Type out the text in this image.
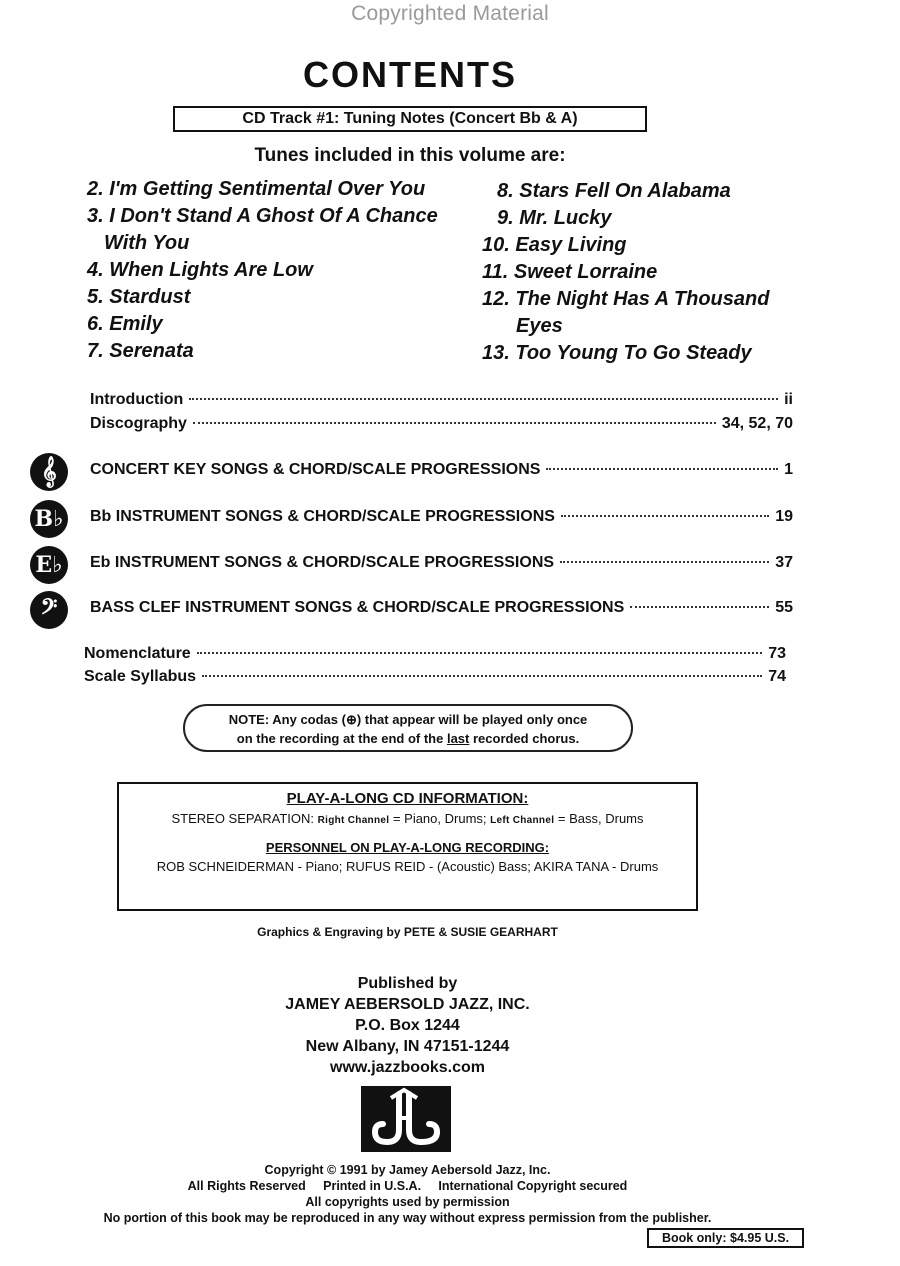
Copyrighted Material
CONTENTS
CD Track #1: Tuning Notes (Concert Bb & A)
Tunes included in this volume are:
2. I'm Getting Sentimental Over You
3. I Don't Stand A Ghost Of A Chance
With You
4. When Lights Are Low
5. Stardust
6. Emily
7. Serenata
8. Stars Fell On Alabama
9. Mr. Lucky
10. Easy Living
11. Sweet Lorraine
12. The Night Has A Thousand
Eyes
13. Too Young To Go Steady
Introduction	ii
Discography	34, 52, 70
𝄞	CONCERT KEY SONGS & CHORD/SCALE PROGRESSIONS	1
B♭ Bb INSTRUMENT SONGS & CHORD/SCALE PROGRESSIONS	19
E♭	Eb INSTRUMENT SONGS & CHORD/SCALE PROGRESSIONS	37
𝄢	BASS CLEF INSTRUMENT SONGS & CHORD/SCALE PROGRESSIONS	55
Nomenclature	73
Scale Syllabus	74
NOTE: Any codas (⊕) that appear will be played only once
on the recording at the end of the last recorded chorus.
PLAY-A-LONG CD INFORMATION:
STEREO SEPARATION: Right Channel = Piano, Drums; Left Channel = Bass, Drums
PERSONNEL ON PLAY-A-LONG RECORDING:
ROB SCHNEIDERMAN - Piano; RUFUS REID - (Acoustic) Bass; AKIRA TANA - Drums
Graphics & Engraving by PETE & SUSIE GEARHART
Published by
JAMEY AEBERSOLD JAZZ, INC.
P.O. Box 1244
New Albany, IN 47151-1244
www.jazzbooks.com
Copyright © 1991 by Jamey Aebersold Jazz, Inc.
All Rights Reserved     Printed in U.S.A.     International Copyright secured
All copyrights used by permission
No portion of this book may be reproduced in any way without express permission from the publisher.
Book only: $4.95 U.S.
